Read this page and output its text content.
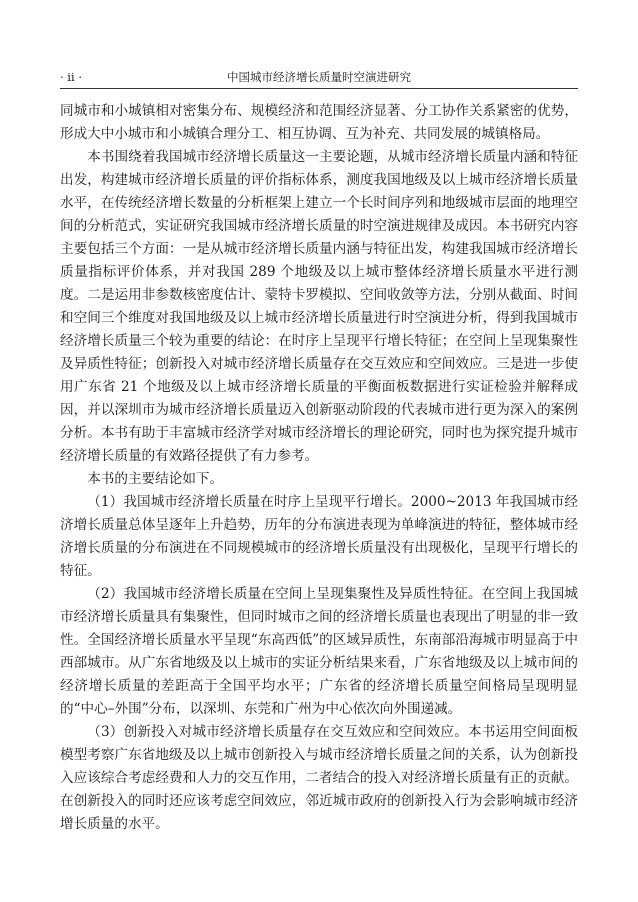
· ii ·	中国城市经济增长质量时空演进研究

同城市和小城镇相对密集分布、规模经济和范围经济显著、分工协作关系紧密的优势，形成大中小城市和小城镇合理分工、相互协调、互为补充、共同发展的城镇格局。

本书围绕着我国城市经济增长质量这一主要论题，从城市经济增长质量内涵和特征出发，构建城市经济增长质量的评价指标体系，测度我国地级及以上城市经济增长质量水平，在传统经济增长数量的分析框架上建立一个长时间序列和地级城市层面的地理空间的分析范式，实证研究我国城市经济增长质量的时空演进规律及成因。本书研究内容主要包括三个方面：一是从城市经济增长质量内涵与特征出发，构建我国城市经济增长质量指标评价体系，并对我国 289 个地级及以上城市整体经济增长质量水平进行测度。二是运用非参数核密度估计、蒙特卡罗模拟、空间收敛等方法，分别从截面、时间和空间三个维度对我国地级及以上城市经济增长质量进行时空演进分析，得到我国城市经济增长质量三个较为重要的结论：在时序上呈现平行增长特征；在空间上呈现集聚性及异质性特征；创新投入对城市经济增长质量存在交互效应和空间效应。三是进一步使用广东省 21 个地级及以上城市经济增长质量的平衡面板数据进行实证检验并解释成因，并以深圳市为城市经济增长质量迈入创新驱动阶段的代表城市进行更为深入的案例分析。本书有助于丰富城市经济学对城市经济增长的理论研究，同时也为探究提升城市经济增长质量的有效路径提供了有力参考。

本书的主要结论如下。

（1）我国城市经济增长质量在时序上呈现平行增长。2000~2013 年我国城市经济增长质量总体呈逐年上升趋势，历年的分布演进表现为单峰演进的特征，整体城市经济增长质量的分布演进在不同规模城市的经济增长质量没有出现极化，呈现平行增长的特征。

（2）我国城市经济增长质量在空间上呈现集聚性及异质性特征。在空间上我国城市经济增长质量具有集聚性，但同时城市之间的经济增长质量也表现出了明显的非一致性。全国经济增长质量水平呈现“东高西低”的区域异质性，东南部沿海城市明显高于中西部城市。从广东省地级及以上城市的实证分析结果来看，广东省地级及以上城市间的经济增长质量的差距高于全国平均水平；广东省的经济增长质量空间格局呈现明显的“中心–外围”分布，以深圳、东莞和广州为中心依次向外围递减。

（3）创新投入对城市经济增长质量存在交互效应和空间效应。本书运用空间面板模型考察广东省地级及以上城市创新投入与城市经济增长质量之间的关系，认为创新投入应该综合考虑经费和人力的交互作用，二者结合的投入对经济增长质量有正的贡献。在创新投入的同时还应该考虑空间效应，邻近城市政府的创新投入行为会影响城市经济增长质量的水平。
